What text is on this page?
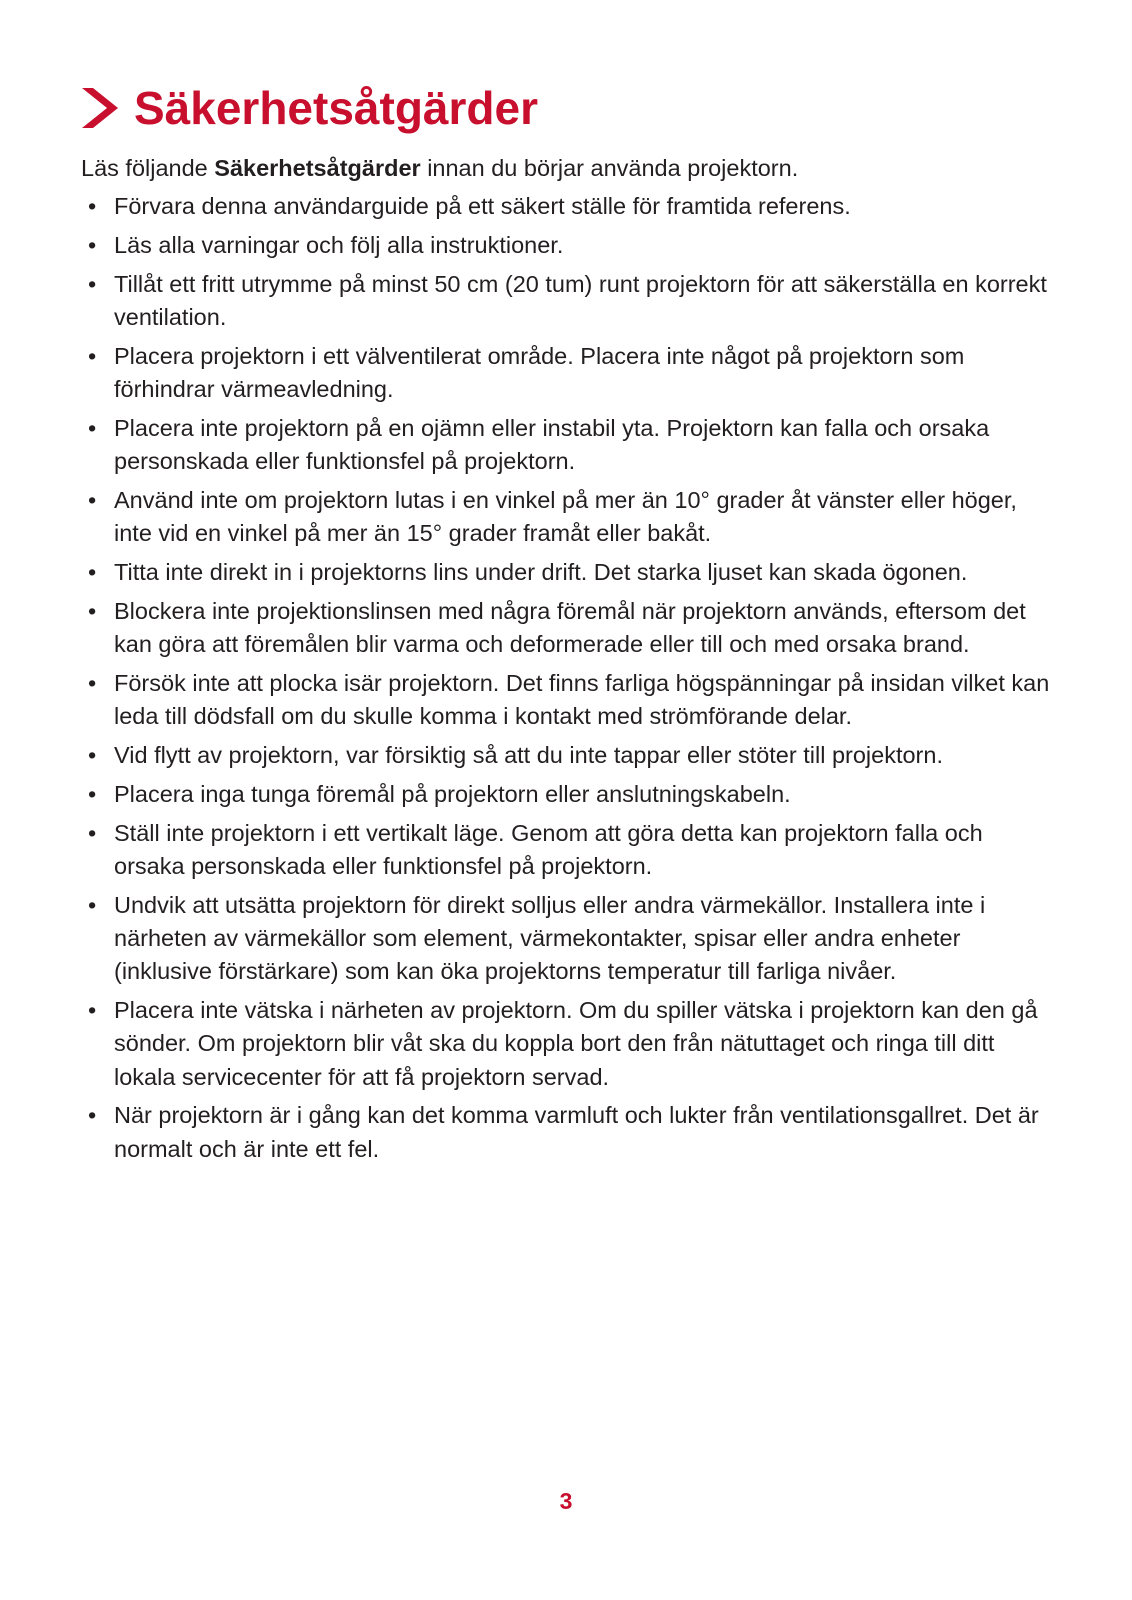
Säkerhetsåtgärder

Läs följande Säkerhetsåtgärder innan du börjar använda projektorn.

• Förvara denna användarguide på ett säkert ställe för framtida referens.
• Läs alla varningar och följ alla instruktioner.
• Tillåt ett fritt utrymme på minst 50 cm (20 tum) runt projektorn för att säkerställa en korrekt ventilation.
• Placera projektorn i ett välventilerat område. Placera inte något på projektorn som förhindrar värmeavledning.
• Placera inte projektorn på en ojämn eller instabil yta. Projektorn kan falla och orsaka personskada eller funktionsfel på projektorn.
• Använd inte om projektorn lutas i en vinkel på mer än 10° grader åt vänster eller höger, inte vid en vinkel på mer än 15° grader framåt eller bakåt.
• Titta inte direkt in i projektorns lins under drift. Det starka ljuset kan skada ögonen.
• Blockera inte projektionslinsen med några föremål när projektorn används, eftersom det kan göra att föremålen blir varma och deformerade eller till och med orsaka brand.
• Försök inte att plocka isär projektorn. Det finns farliga högspänningar på insidan vilket kan leda till dödsfall om du skulle komma i kontakt med strömförande delar.
• Vid flytt av projektorn, var försiktig så att du inte tappar eller stöter till projektorn.
• Placera inga tunga föremål på projektorn eller anslutningskabeln.
• Ställ inte projektorn i ett vertikalt läge. Genom att göra detta kan projektorn falla och orsaka personskada eller funktionsfel på projektorn.
• Undvik att utsätta projektorn för direkt solljus eller andra värmekällor. Installera inte i närheten av värmekällor som element, värmekontakter, spisar eller andra enheter (inklusive förstärkare) som kan öka projektorns temperatur till farliga nivåer.
• Placera inte vätska i närheten av projektorn. Om du spiller vätska i projektorn kan den gå sönder. Om projektorn blir våt ska du koppla bort den från nätuttaget och ringa till ditt lokala servicecenter för att få projektorn servad.
• När projektorn är i gång kan det komma varmluft och lukter från ventilationsgallret. Det är normalt och är inte ett fel.
3
